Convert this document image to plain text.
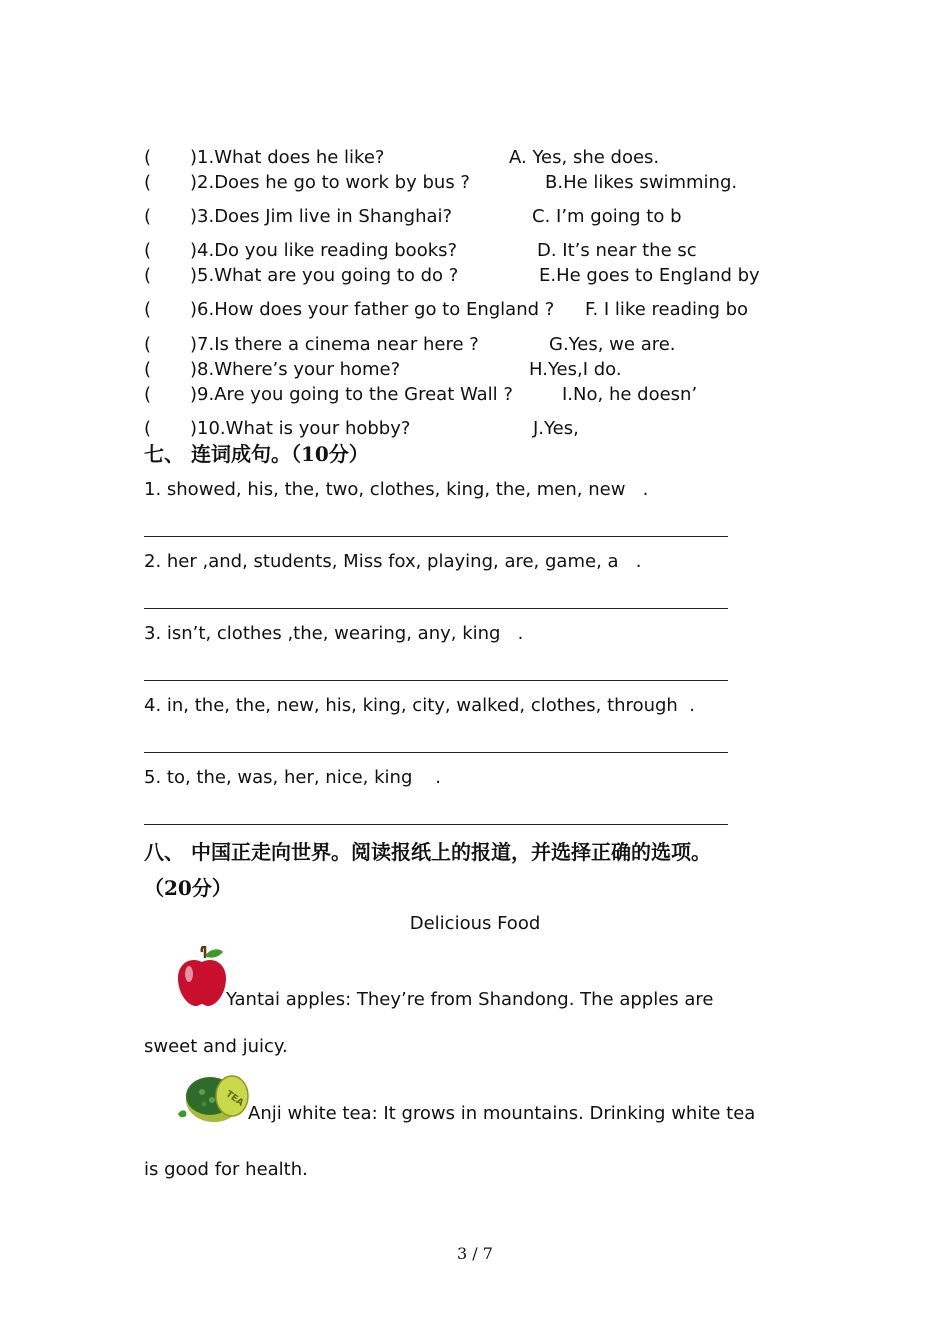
( )1.What does he like?	A. Yes, she does.
( )2.Does he go to work by bus ?	B.He likes swimming.
( )3.Does Jim live in Shanghai?	C. I’m going to b
( )4.Do you like reading books?	D. It’s near the sc
( )5.What are you going to do ?	E.He goes to England by
( )6.How does your father go to England ? F. I like reading bo
( )7.Is there a cinema near here ?	G.Yes, we are.
( )8.Where’s your home?	H.Yes,I do.
( )9.Are you going to the Great Wall ?	I.No, he doesn’
( )10.What is your hobby?	J.Yes,
七、 连词成句。（10分）
1. showed, his, the, two, clothes, king, the, men, new   .
2. her ,and, students, Miss fox, playing, are, game, a   .
3. isn’t, clothes ,the, wearing, any, king   .
4. in, the, the, new, his, king, city, walked, clothes, through  .
5. to, the, was, her, nice, king    .
八、 中国正走向世界。阅读报纸上的报道，并选择正确的选项。
（20分）
Delicious Food
Yantai apples: They’re from Shandong. The apples are
sweet and juicy.
TEA
Anji white tea: It grows in mountains. Drinking white tea
is good for health.
3 / 7
